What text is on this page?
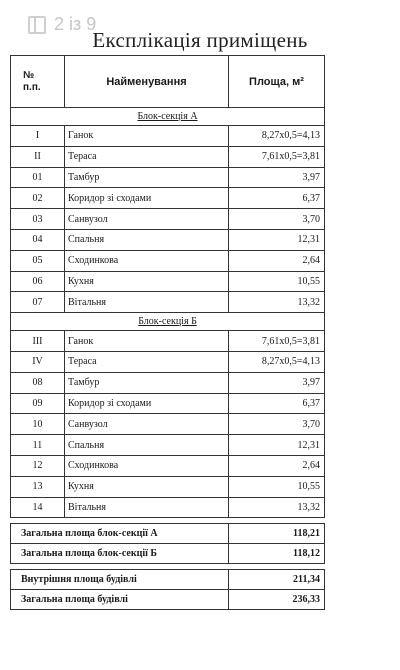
2 із 9
Експлікація приміщень
№
п.п.	Найменування	Площа, м²
Блок-секція А		
I	Ганок	8,27х0,5=4,13
II	Тераса	7,61х0,5=3,81
01	Тамбур	3,97
02	Коридор зі сходами	6,37
03	Санвузол	3,70
04	Спальня	12,31
05	Сходинкова	2,64
06	Кухня	10,55
07	Вітальня	13,32
Блок-секція Б		
III	Ганок	7,61х0,5=3,81
IV	Тераса	8,27х0,5=4,13
08	Тамбур	3,97
09	Коридор зі сходами	6,37
10	Санвузол	3,70
11	Спальня	12,31
12	Сходинкова	2,64
13	Кухня	10,55
14	Вітальня	13,32

Загальна площа блок-секції А		118,21
Загальна площа блок-секції Б		118,12

Внутрішня площа будівлі		211,34
Загальна площа будівлі		236,33
